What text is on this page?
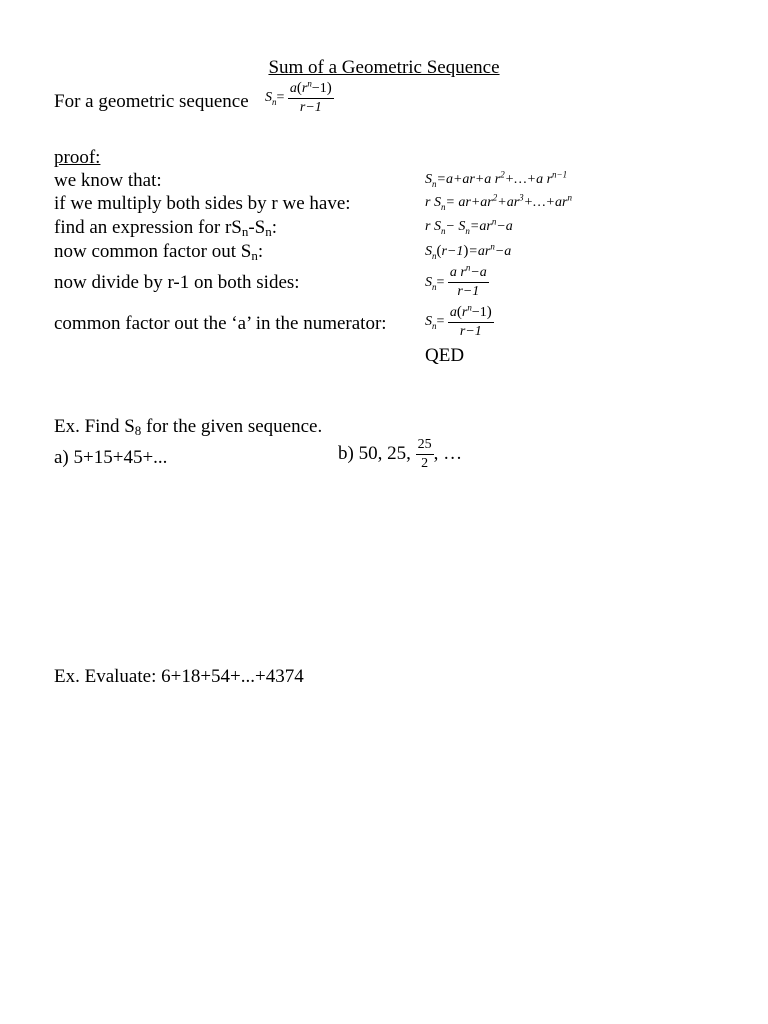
Sum of a Geometric Sequence
For a geometric sequence $S_n= \frac{a(r^n-1)}{r-1}$
proof:
we know that:	$S_n=a+ar+a$ $r^2+\dots+a$ $r^{n-1}$
if we multiply both sides by r we have:	r $S_n=$ $ar+ar^2+ar^3+\dots+ar^n$
find an expression for $rS_n-S_n$:	r $S_n- S_n=ar^n-a$
now common factor out $S_n$:	$S_n(r-1)=ar^n-a$
now divide by r-1 on both sides:	$S_n= \frac{a r^n-a}{r-1}$
common factor out the ‘a’ in the numerator:	$S_n= \frac{a(r^n-1)}{r-1}$
QED
Ex. Find $S_8$ for the given sequence.
a) 5+15+45+...	b) 50, 25, $\frac{25}{2}$ , …
Ex. Evaluate: 6+18+54+...+4374
